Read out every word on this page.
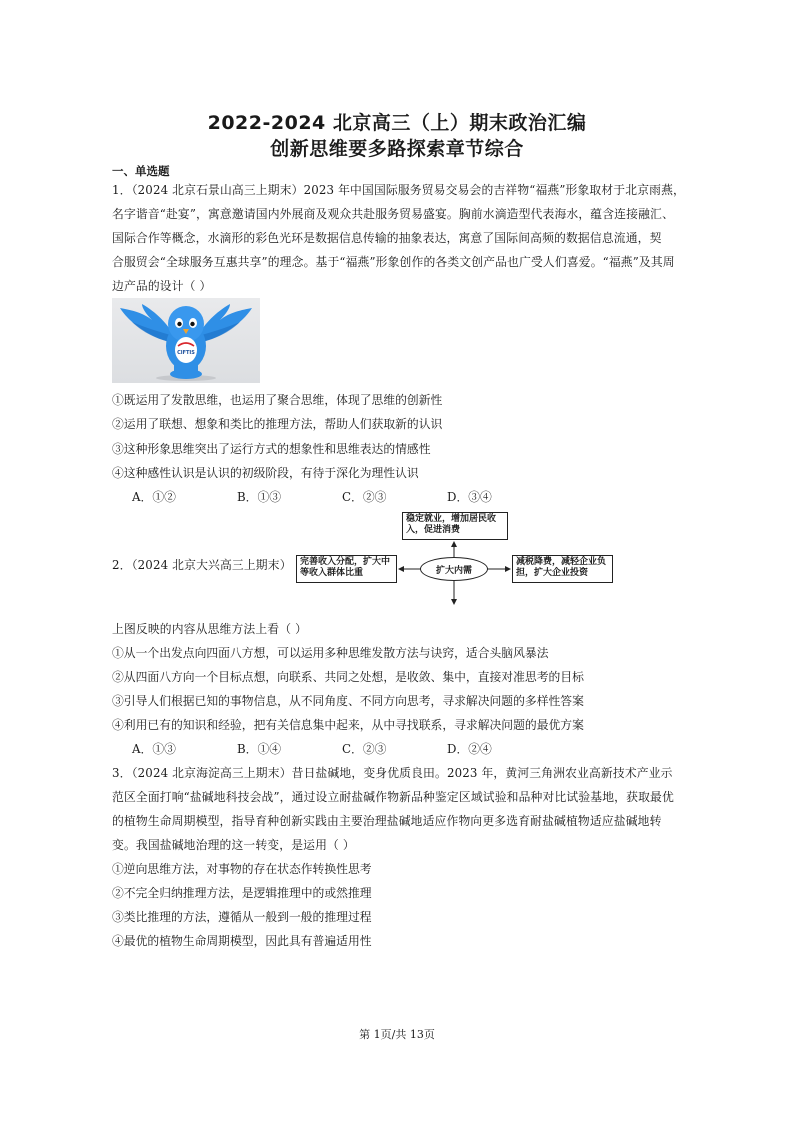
2022-2024 北京高三（上）期末政治汇编
创新思维要多路探索章节综合
一、单选题
1．（2024 北京石景山高三上期末）2023 年中国国际服务贸易交易会的吉祥物“福燕”形象取材于北京雨燕，
名字谐音“赴宴”，寓意邀请国内外展商及观众共赴服务贸易盛宴。胸前水滴造型代表海水，蕴含连接融汇、
国际合作等概念，水滴形的彩色光环是数据信息传输的抽象表达，寓意了国际间高频的数据信息流通，契
合服贸会“全球服务互惠共享”的理念。基于“福燕”形象创作的各类文创产品也广受人们喜爱。“福燕”及其周
边产品的设计（ ）
CIFTIS
①既运用了发散思维，也运用了聚合思维，体现了思维的创新性
②运用了联想、想象和类比的推理方法，帮助人们获取新的认识
③这种形象思维突出了运行方式的想象性和思维表达的情感性
④这种感性认识是认识的初级阶段，有待于深化为理性认识
A．①②	B．①③	C．②③	D．③④
2．（2024 北京大兴高三上期末）
稳定就业，增加居民收入，促进消费
完善收入分配，扩大中等收入群体比重	扩大内需
减税降费，减轻企业负担，扩大企业投资
上图反映的内容从思维方法上看（ ）
①从一个出发点向四面八方想，可以运用多种思维发散方法与诀窍，适合头脑风暴法
②从四面八方向一个目标点想，向联系、共同之处想，是收敛、集中，直接对准思考的目标
③引导人们根据已知的事物信息，从不同角度、不同方向思考，寻求解决问题的多样性答案
④利用已有的知识和经验，把有关信息集中起来，从中寻找联系，寻求解决问题的最优方案
A．①③	B．①④	C．②③	D．②④
3．（2024 北京海淀高三上期末）昔日盐碱地，变身优质良田。2023 年，黄河三角洲农业高新技术产业示
范区全面打响“盐碱地科技会战”，通过设立耐盐碱作物新品种鉴定区域试验和品种对比试验基地，获取最优
的植物生命周期模型，指导育种创新实践由主要治理盐碱地适应作物向更多选育耐盐碱植物适应盐碱地转
变。我国盐碱地治理的这一转变，是运用（ ）
①逆向思维方法，对事物的存在状态作转换性思考
②不完全归纳推理方法，是逻辑推理中的或然推理
③类比推理的方法，遵循从一般到一般的推理过程
④最优的植物生命周期模型，因此具有普遍适用性
第 1页/共 13页
